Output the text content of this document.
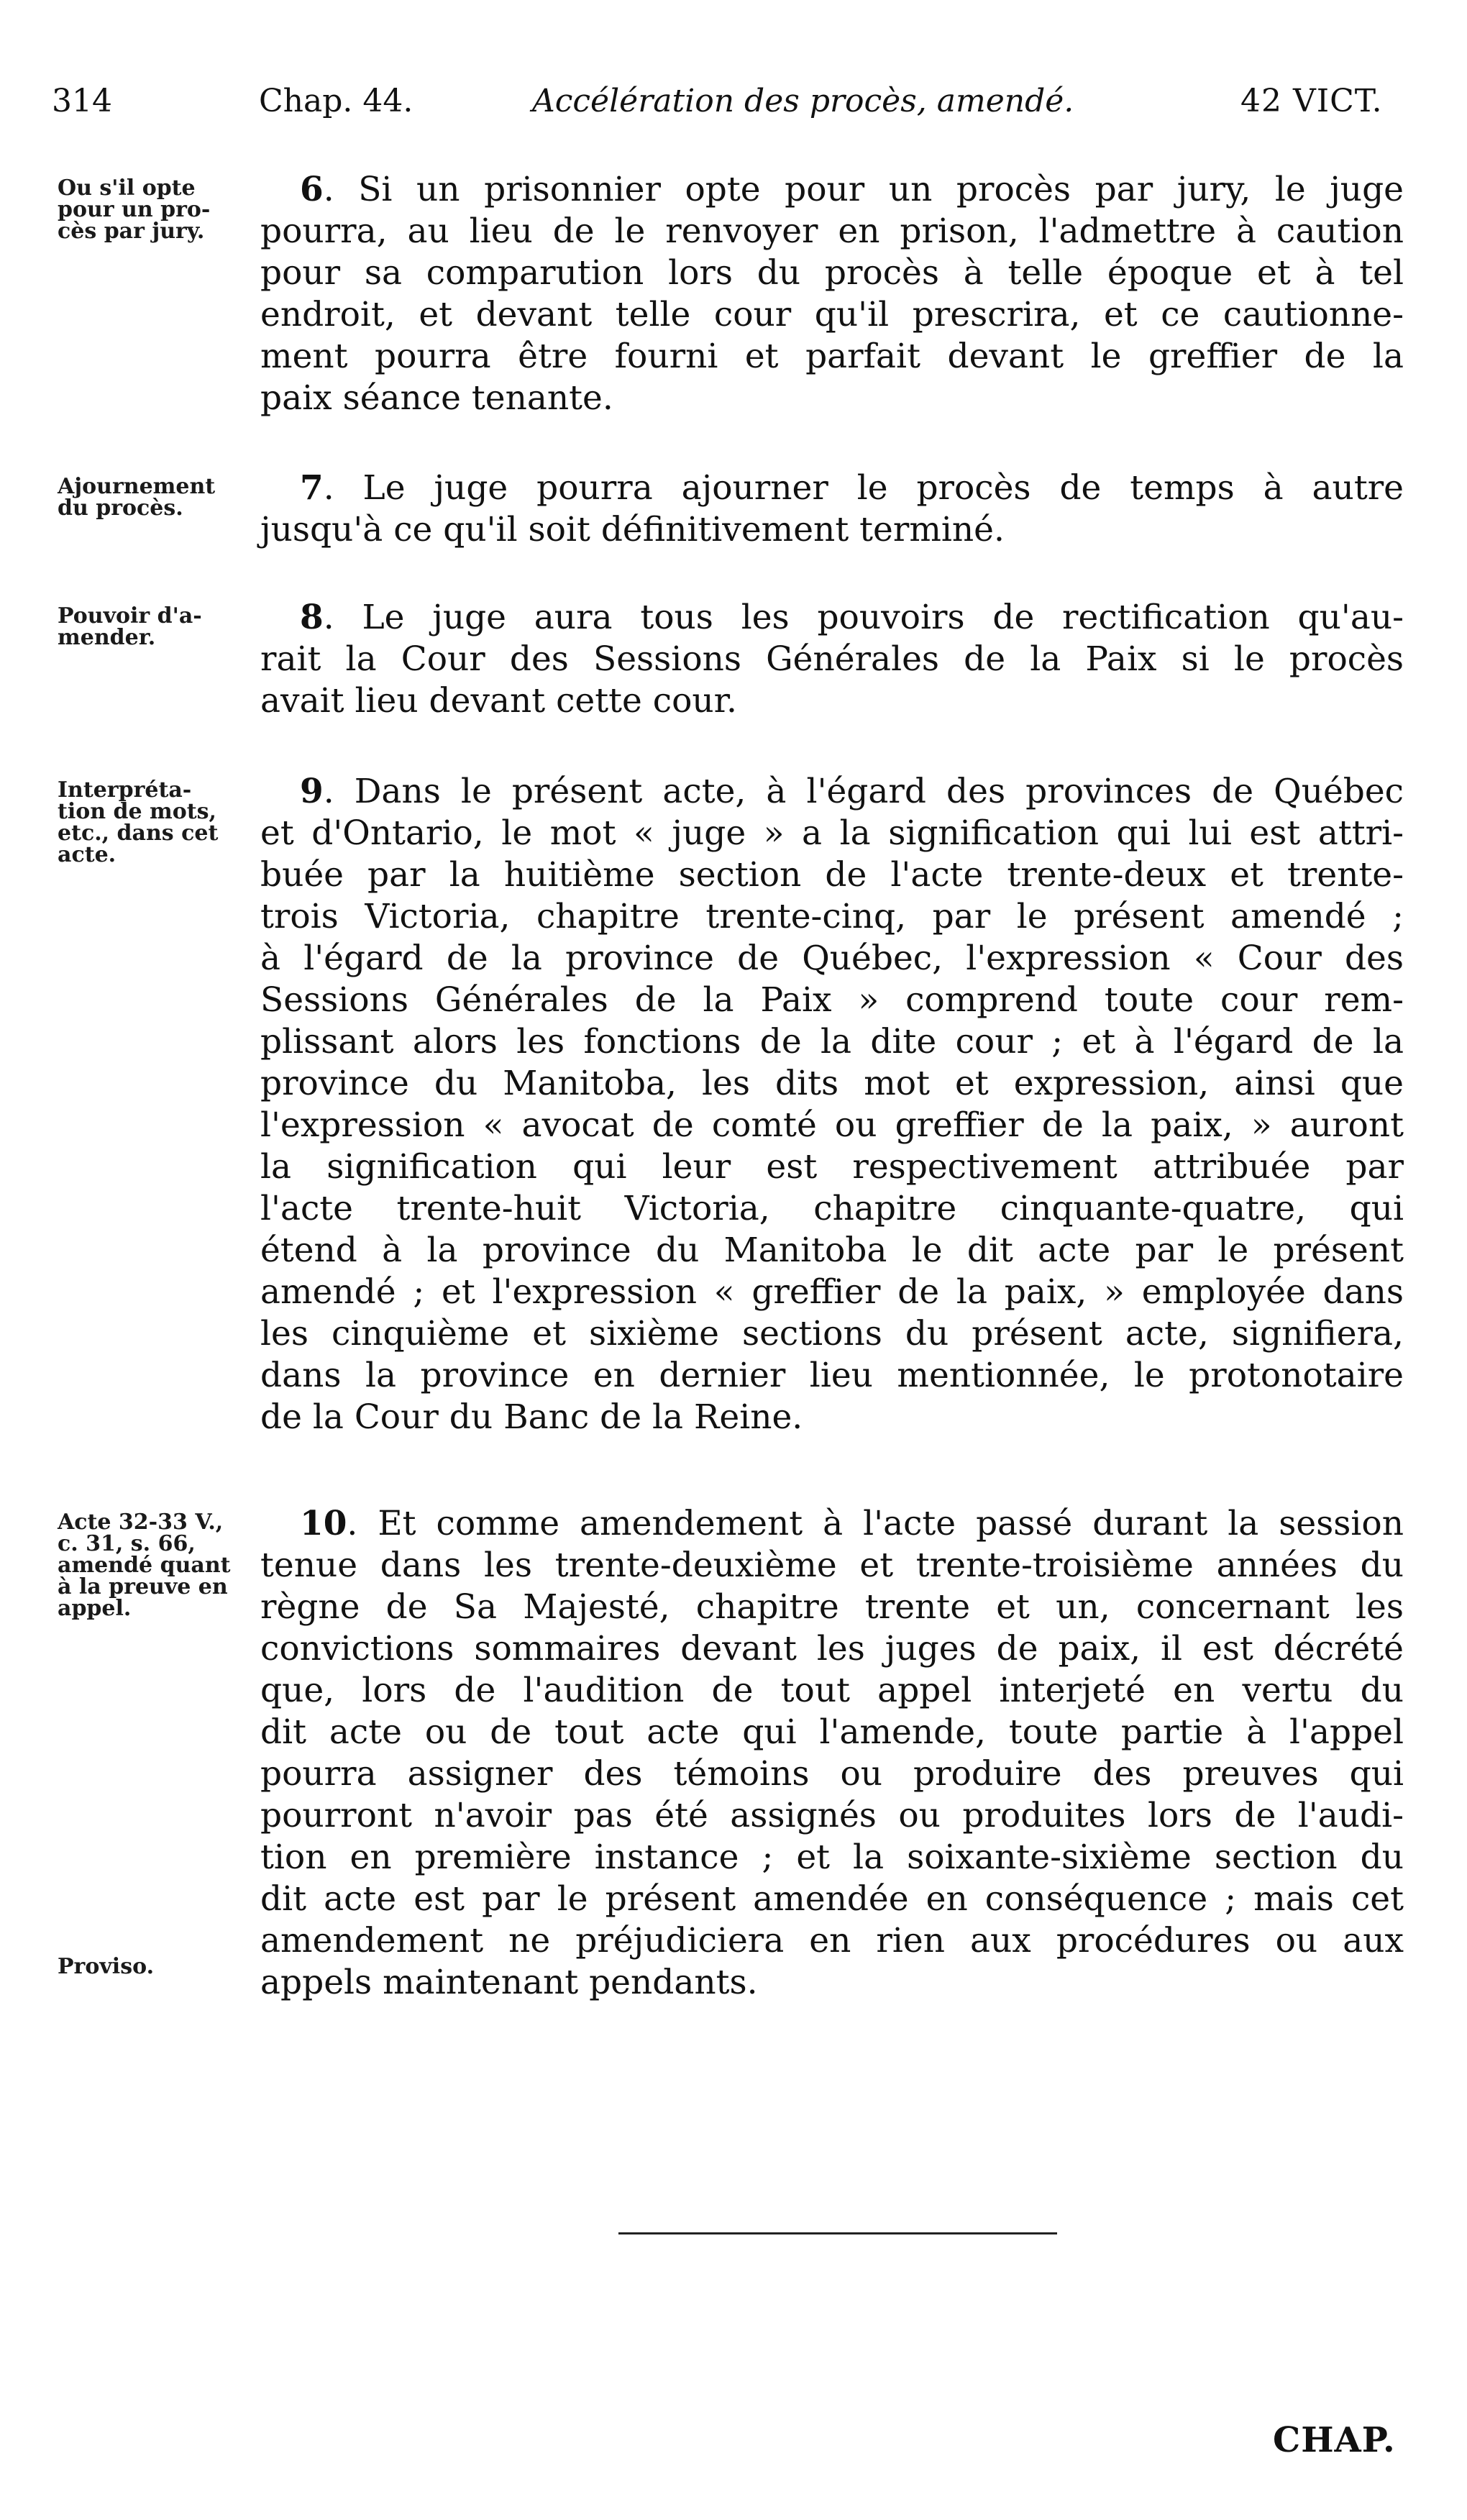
314	Chap. 44.	Accélération des procès, amendé.	42 VICT.
Ou s'il opte
pour un pro-
cès par jury.
6. Si un prisonnier opte pour un procès par jury, le juge
pourra, au lieu de le renvoyer en prison, l'admettre à caution
pour sa comparution lors du procès à telle époque et à tel
endroit, et devant telle cour qu'il prescrira, et ce cautionne-
ment pourra être fourni et parfait devant le greffier de la
paix séance tenante.
Ajournement
du procès.
7. Le juge pourra ajourner le procès de temps à autre
jusqu'à ce qu'il soit définitivement terminé.
Pouvoir d'a-
mender.
8. Le juge aura tous les pouvoirs de rectification qu'au-
rait la Cour des Sessions Générales de la Paix si le procès
avait lieu devant cette cour.
Interpréta-
tion de mots,
etc., dans cet
acte.
9. Dans le présent acte, à l'égard des provinces de Québec
et d'Ontario, le mot « juge » a la signification qui lui est attri-
buée par la huitième section de l'acte trente-deux et trente-
trois Victoria, chapitre trente-cinq, par le présent amendé ;
à l'égard de la province de Québec, l'expression « Cour des
Sessions Générales de la Paix » comprend toute cour rem-
plissant alors les fonctions de la dite cour ; et à l'égard de la
province du Manitoba, les dits mot et expression, ainsi que
l'expression « avocat de comté ou greffier de la paix, » auront
la signification qui leur est respectivement attribuée par
l'acte trente-huit Victoria, chapitre cinquante-quatre, qui
étend à la province du Manitoba le dit acte par le présent
amendé ; et l'expression « greffier de la paix, » employée dans
les cinquième et sixième sections du présent acte, signifiera,
dans la province en dernier lieu mentionnée, le protonotaire
de la Cour du Banc de la Reine.
Acte 32-33 V.,
c. 31, s. 66,
amendé quant
à la preuve en
appel.
Proviso.
10. Et comme amendement à l'acte passé durant la session
tenue dans les trente-deuxième et trente-troisième années du
règne de Sa Majesté, chapitre trente et un, concernant les
convictions sommaires devant les juges de paix, il est décrété
que, lors de l'audition de tout appel interjeté en vertu du
dit acte ou de tout acte qui l'amende, toute partie à l'appel
pourra assigner des témoins ou produire des preuves qui
pourront n'avoir pas été assignés ou produites lors de l'audi-
tion en première instance ; et la soixante-sixième section du
dit acte est par le présent amendée en conséquence ; mais cet
amendement ne préjudiciera en rien aux procédures ou aux
appels maintenant pendants.
CHAP.
